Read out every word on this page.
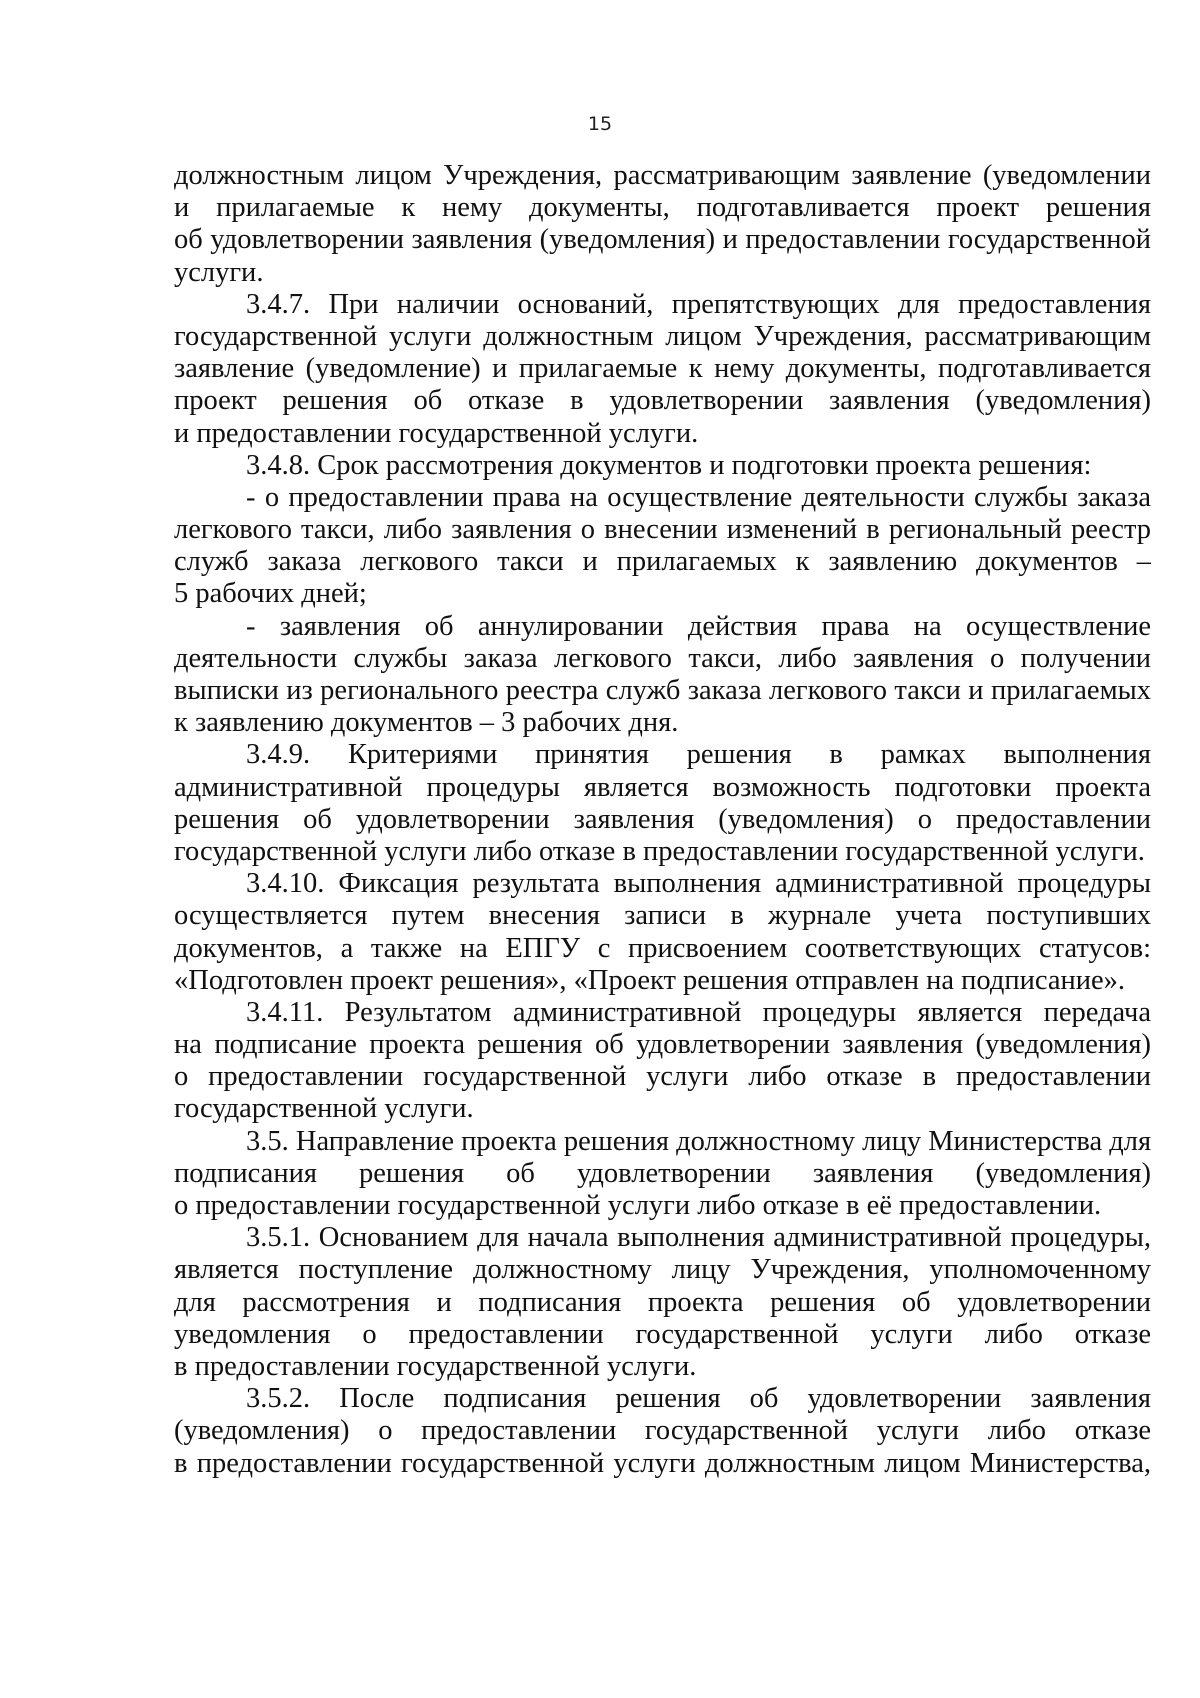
15
должностным лицом Учреждения, рассматривающим заявление (уведомлении
и прилагаемые к нему документы, подготавливается проект решения
об удовлетворении заявления (уведомления) и предоставлении государственной
услуги.
3.4.7. При наличии оснований, препятствующих для предоставления
государственной услуги должностным лицом Учреждения, рассматривающим
заявление (уведомление) и прилагаемые к нему документы, подготавливается
проект решения об отказе в удовлетворении заявления (уведомления)
и предоставлении государственной услуги.
3.4.8. Срок рассмотрения документов и подготовки проекта решения:
- о предоставлении права на осуществление деятельности службы заказа
легкового такси, либо заявления о внесении изменений в региональный реестр
служб заказа легкового такси и прилагаемых к заявлению документов –
5 рабочих дней;
- заявления об аннулировании действия права на осуществление
деятельности службы заказа легкового такси, либо заявления о получении
выписки из регионального реестра служб заказа легкового такси и прилагаемых
к заявлению документов – 3 рабочих дня.
3.4.9. Критериями принятия решения в рамках выполнения
административной процедуры является возможность подготовки проекта
решения об удовлетворении заявления (уведомления) о предоставлении
государственной услуги либо отказе в предоставлении государственной услуги.
3.4.10. Фиксация результата выполнения административной процедуры
осуществляется путем внесения записи в журнале учета поступивших
документов, а также на ЕПГУ с присвоением соответствующих статусов:
«Подготовлен проект решения», «Проект решения отправлен на подписание».
3.4.11. Результатом административной процедуры является передача
на подписание проекта решения об удовлетворении заявления (уведомления)
о предоставлении государственной услуги либо отказе в предоставлении
государственной услуги.
3.5. Направление проекта решения должностному лицу Министерства для
подписания решения об удовлетворении заявления (уведомления)
о предоставлении государственной услуги либо отказе в её предоставлении.
3.5.1. Основанием для начала выполнения административной процедуры,
является поступление должностному лицу Учреждения, уполномоченному
для рассмотрения и подписания проекта решения об удовлетворении
уведомления о предоставлении государственной услуги либо отказе
в предоставлении государственной услуги.
3.5.2. После подписания решения об удовлетворении заявления
(уведомления) о предоставлении государственной услуги либо отказе
в предоставлении государственной услуги должностным лицом Министерства,
